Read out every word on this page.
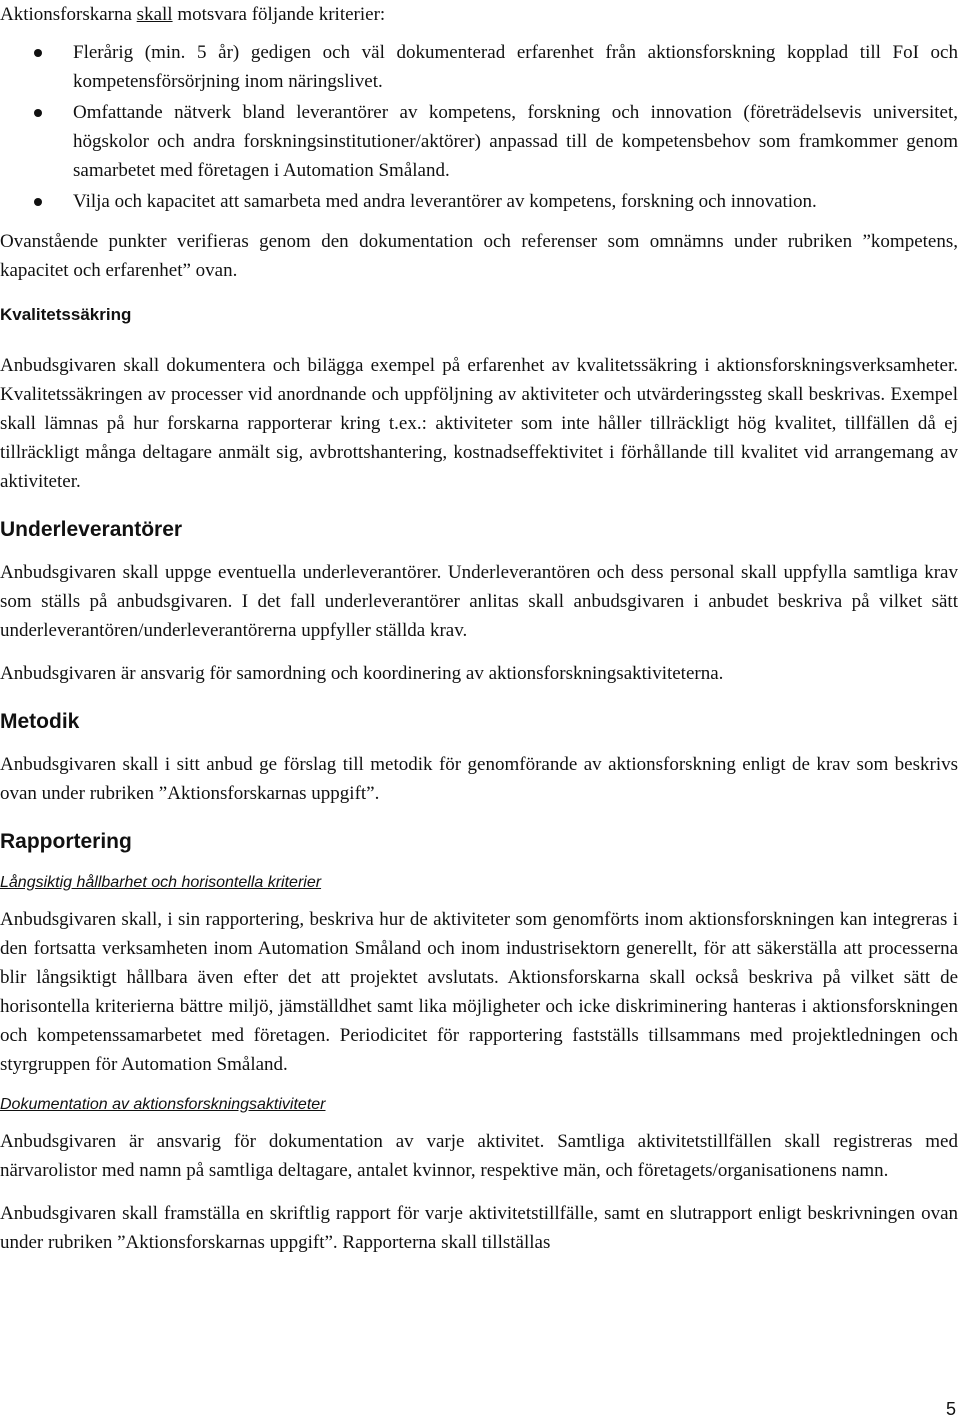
Aktionsforskarna skall motsvara följande kriterier:

Flerårig (min. 5 år) gedigen och väl dokumenterad erfarenhet från aktionsforskning kopplad till FoI och kompetensförsörjning inom näringslivet.
Omfattande nätverk bland leverantörer av kompetens, forskning och innovation (företrädelsevis universitet, högskolor och andra forskningsinstitutioner/aktörer) anpassad till de kompetensbehov som framkommer genom samarbetet med företagen i Automation Småland.
Vilja och kapacitet att samarbeta med andra leverantörer av kompetens, forskning och innovation.

Ovanstående punkter verifieras genom den dokumentation och referenser som omnämns under rubriken ”kompetens, kapacitet och erfarenhet” ovan.

Kvalitetssäkring

Anbudsgivaren skall dokumentera och bilägga exempel på erfarenhet av kvalitetssäkring i aktionsforskningsverksamheter. Kvalitetssäkringen av processer vid anordnande och uppföljning av aktiviteter och utvärderingssteg skall beskrivas. Exempel skall lämnas på hur forskarna rapporterar kring t.ex.: aktiviteter som inte håller tillräckligt hög kvalitet, tillfällen då ej tillräckligt många deltagare anmält sig, avbrottshantering, kostnadseffektivitet i förhållande till kvalitet vid arrangemang av aktiviteter.

Underleverantörer

Anbudsgivaren skall uppge eventuella underleverantörer. Underleverantören och dess personal skall uppfylla samtliga krav som ställs på anbudsgivaren. I det fall underleverantörer anlitas skall anbudsgivaren i anbudet beskriva på vilket sätt underleverantören/underleverantörerna uppfyller ställda krav.

Anbudsgivaren är ansvarig för samordning och koordinering av aktionsforskningsaktiviteterna.

Metodik

Anbudsgivaren skall i sitt anbud ge förslag till metodik för genomförande av aktionsforskning enligt de krav som beskrivs ovan under rubriken ”Aktionsforskarnas uppgift”.

Rapportering
Långsiktig hållbarhet och horisontella kriterier

Anbudsgivaren skall, i sin rapportering, beskriva hur de aktiviteter som genomförts inom aktionsforskningen kan integreras i den fortsatta verksamheten inom Automation Småland och inom industrisektorn generellt, för att säkerställa att processerna blir långsiktigt hållbara även efter det att projektet avslutats. Aktionsforskarna skall också beskriva på vilket sätt de horisontella kriterierna bättre miljö, jämställdhet samt lika möjligheter och icke diskriminering hanteras i aktionsforskningen och kompetenssamarbetet med företagen. Periodicitet för rapportering fastställs tillsammans med projektledningen och styrgruppen för Automation Småland.

Dokumentation av aktionsforskningsaktiviteter

Anbudsgivaren är ansvarig för dokumentation av varje aktivitet. Samtliga aktivitetstillfällen skall registreras med närvarolistor med namn på samtliga deltagare, antalet kvinnor, respektive män, och företagets/organisationens namn.

Anbudsgivaren skall framställa en skriftlig rapport för varje aktivitetstillfälle, samt en slutrapport enligt beskrivningen ovan under rubriken ”Aktionsforskarnas uppgift”. Rapporterna skall tillställas

5
